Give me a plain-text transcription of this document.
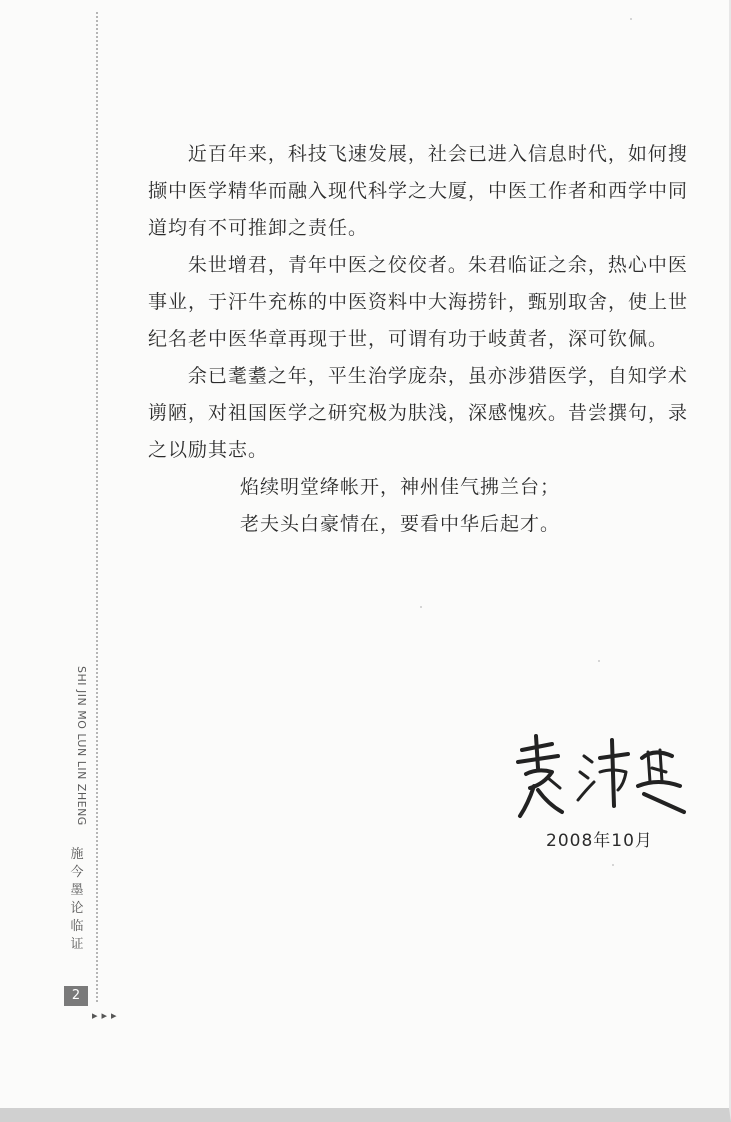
近百年来，科技飞速发展，社会已进入信息时代，如何搜撷中医学精华而融入现代科学之大厦，中医工作者和西学中同道均有不可推卸之责任。

朱世增君，青年中医之佼佼者。朱君临证之余，热心中医事业，于汗牛充栋的中医资料中大海捞针，甄别取舍，使上世纪名老中医华章再现于世，可谓有功于岐黄者，深可钦佩。

余已耄耋之年，平生治学庞杂，虽亦涉猎医学，自知学术谫陋，对祖国医学之研究极为肤浅，深感愧疚。昔尝撰句，录之以励其志。

焰续明堂绛帐开，神州佳气拂兰台；
老夫头白豪情在，要看中华后起才。
2008年10月
SHI JIN MO LUN LIN ZHENG
施
今
墨
论
临
证
2
▸▸▸
